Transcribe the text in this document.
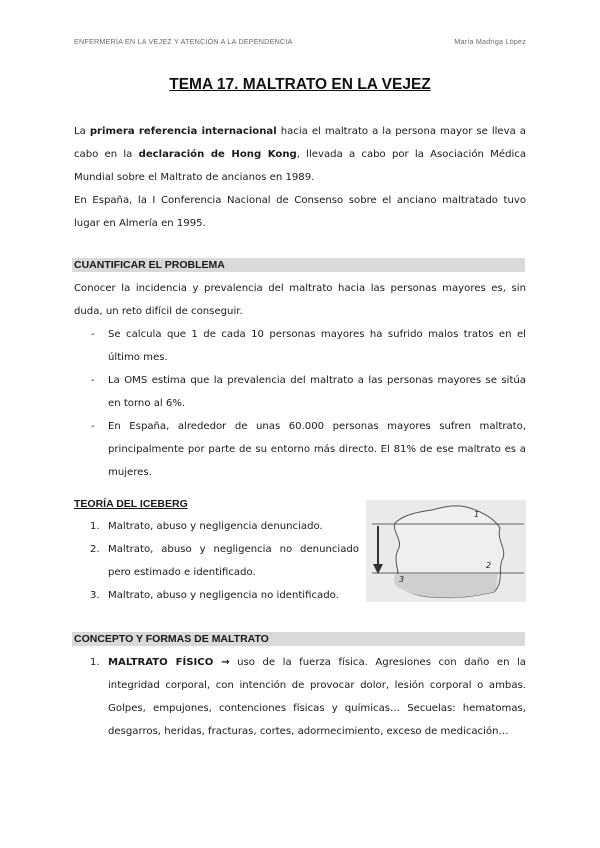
ENFERMERÍA EN LA VEJEZ Y ATENCIÓN A LA DEPENDENCIA	María Madriga López
TEMA 17. MALTRATO EN LA VEJEZ

La primera referencia internacional hacia el maltrato a la persona mayor se lleva a cabo en la declaración de Hong Kong, llevada a cabo por la Asociación Médica Mundial sobre el Maltrato de ancianos en 1989.

En España, la I Conferencia Nacional de Consenso sobre el anciano maltratado tuvo lugar en Almería en 1995.

CUANTIFICAR EL PROBLEMA

Conocer la incidencia y prevalencia del maltrato hacia las personas mayores es, sin duda, un reto difícil de conseguir.

- Se calcula que 1 de cada 10 personas mayores ha sufrido malos tratos en el último mes.
- La OMS estima que la prevalencia del maltrato a las personas mayores se sitúa en torno al 6%.
- En España, alrededor de unas 60.000 personas mayores sufren maltrato, principalmente por parte de su entorno más directo. El 81% de ese maltrato es a mujeres.
TEORÍA DEL ICEBERG
1. Maltrato, abuso y negligencia denunciado.
2. Maltrato, abuso y negligencia no denunciado pero estimado e identificado.
3. Maltrato, abuso y negligencia no identificado.
1
2
3
CONCEPTO Y FORMAS DE MALTRATO
1. MALTRATO FÍSICO → uso de la fuerza física. Agresiones con daño en la integridad corporal, con intención de provocar dolor, lesión corporal o ambas. Golpes, empujones, contenciones físicas y químicas… Secuelas: hematomas, desgarros, heridas, fracturas, cortes, adormecimiento, exceso de medicación…
